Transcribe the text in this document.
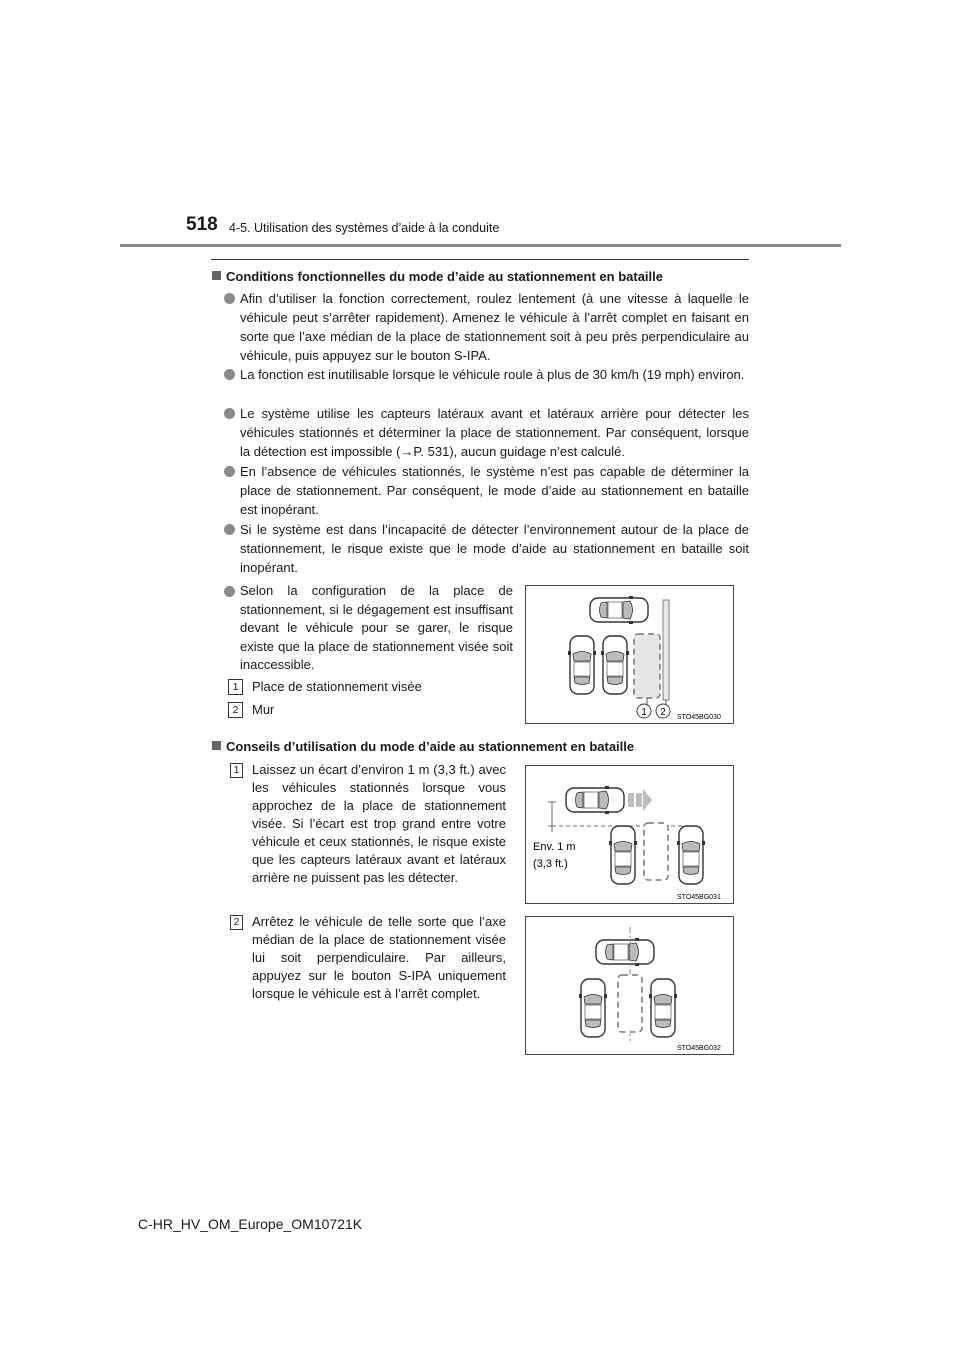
518 4-5. Utilisation des systèmes d’aide à la conduite
Conditions fonctionnelles du mode d’aide au stationnement en bataille

Afin d’utiliser la fonction correctement, roulez lentement (à une vitesse à laquelle le véhicule peut s’arrêter rapidement). Amenez le véhicule à l’arrêt complet en faisant en sorte que l’axe médian de la place de stationnement soit à peu près perpendiculaire au véhicule, puis appuyez sur le bouton S-IPA.

La fonction est inutilisable lorsque le véhicule roule à plus de 30 km/h (19 mph) environ.

Le système utilise les capteurs latéraux avant et latéraux arrière pour détecter les véhicules stationnés et déterminer la place de stationnement. Par conséquent, lorsque la détection est impossible (→P. 531), aucun guidage n’est calculé.

En l’absence de véhicules stationnés, le système n’est pas capable de déterminer la place de stationnement. Par conséquent, le mode d’aide au stationnement en bataille est inopérant.

Si le système est dans l’incapacité de détecter l’environnement autour de la place de stationnement, le risque existe que le mode d’aide au stationnement en bataille soit inopérant.

Selon la configuration de la place de stationnement, si le dégagement est insuffisant devant le véhicule pour se garer, le risque existe que la place de stationnement visée soit inaccessible.

1 Place de stationnement visée
2 Mur	1 2 STO45BG030
Conseils d’utilisation du mode d’aide au stationnement en bataille
1 Laissez un écart d’environ 1 m (3,3 ft.) avec les véhicules stationnés lorsque vous approchez de la place de stationnement visée. Si l’écart est trop grand entre votre véhicule et ceux stationnés, le risque existe que les capteurs latéraux avant et latéraux arrière ne puissent pas les détecter.

2 Arrêtez le véhicule de telle sorte que l’axe médian de la place de stationnement visée lui soit perpendiculaire. Par ailleurs, appuyez sur le bouton S-IPA uniquement lorsque le véhicule est à l’arrêt complet.

Env. 1 m
(3,3 ft.)
STO45BG031
STO45BG032
C-HR_HV_OM_Europe_OM10721K
